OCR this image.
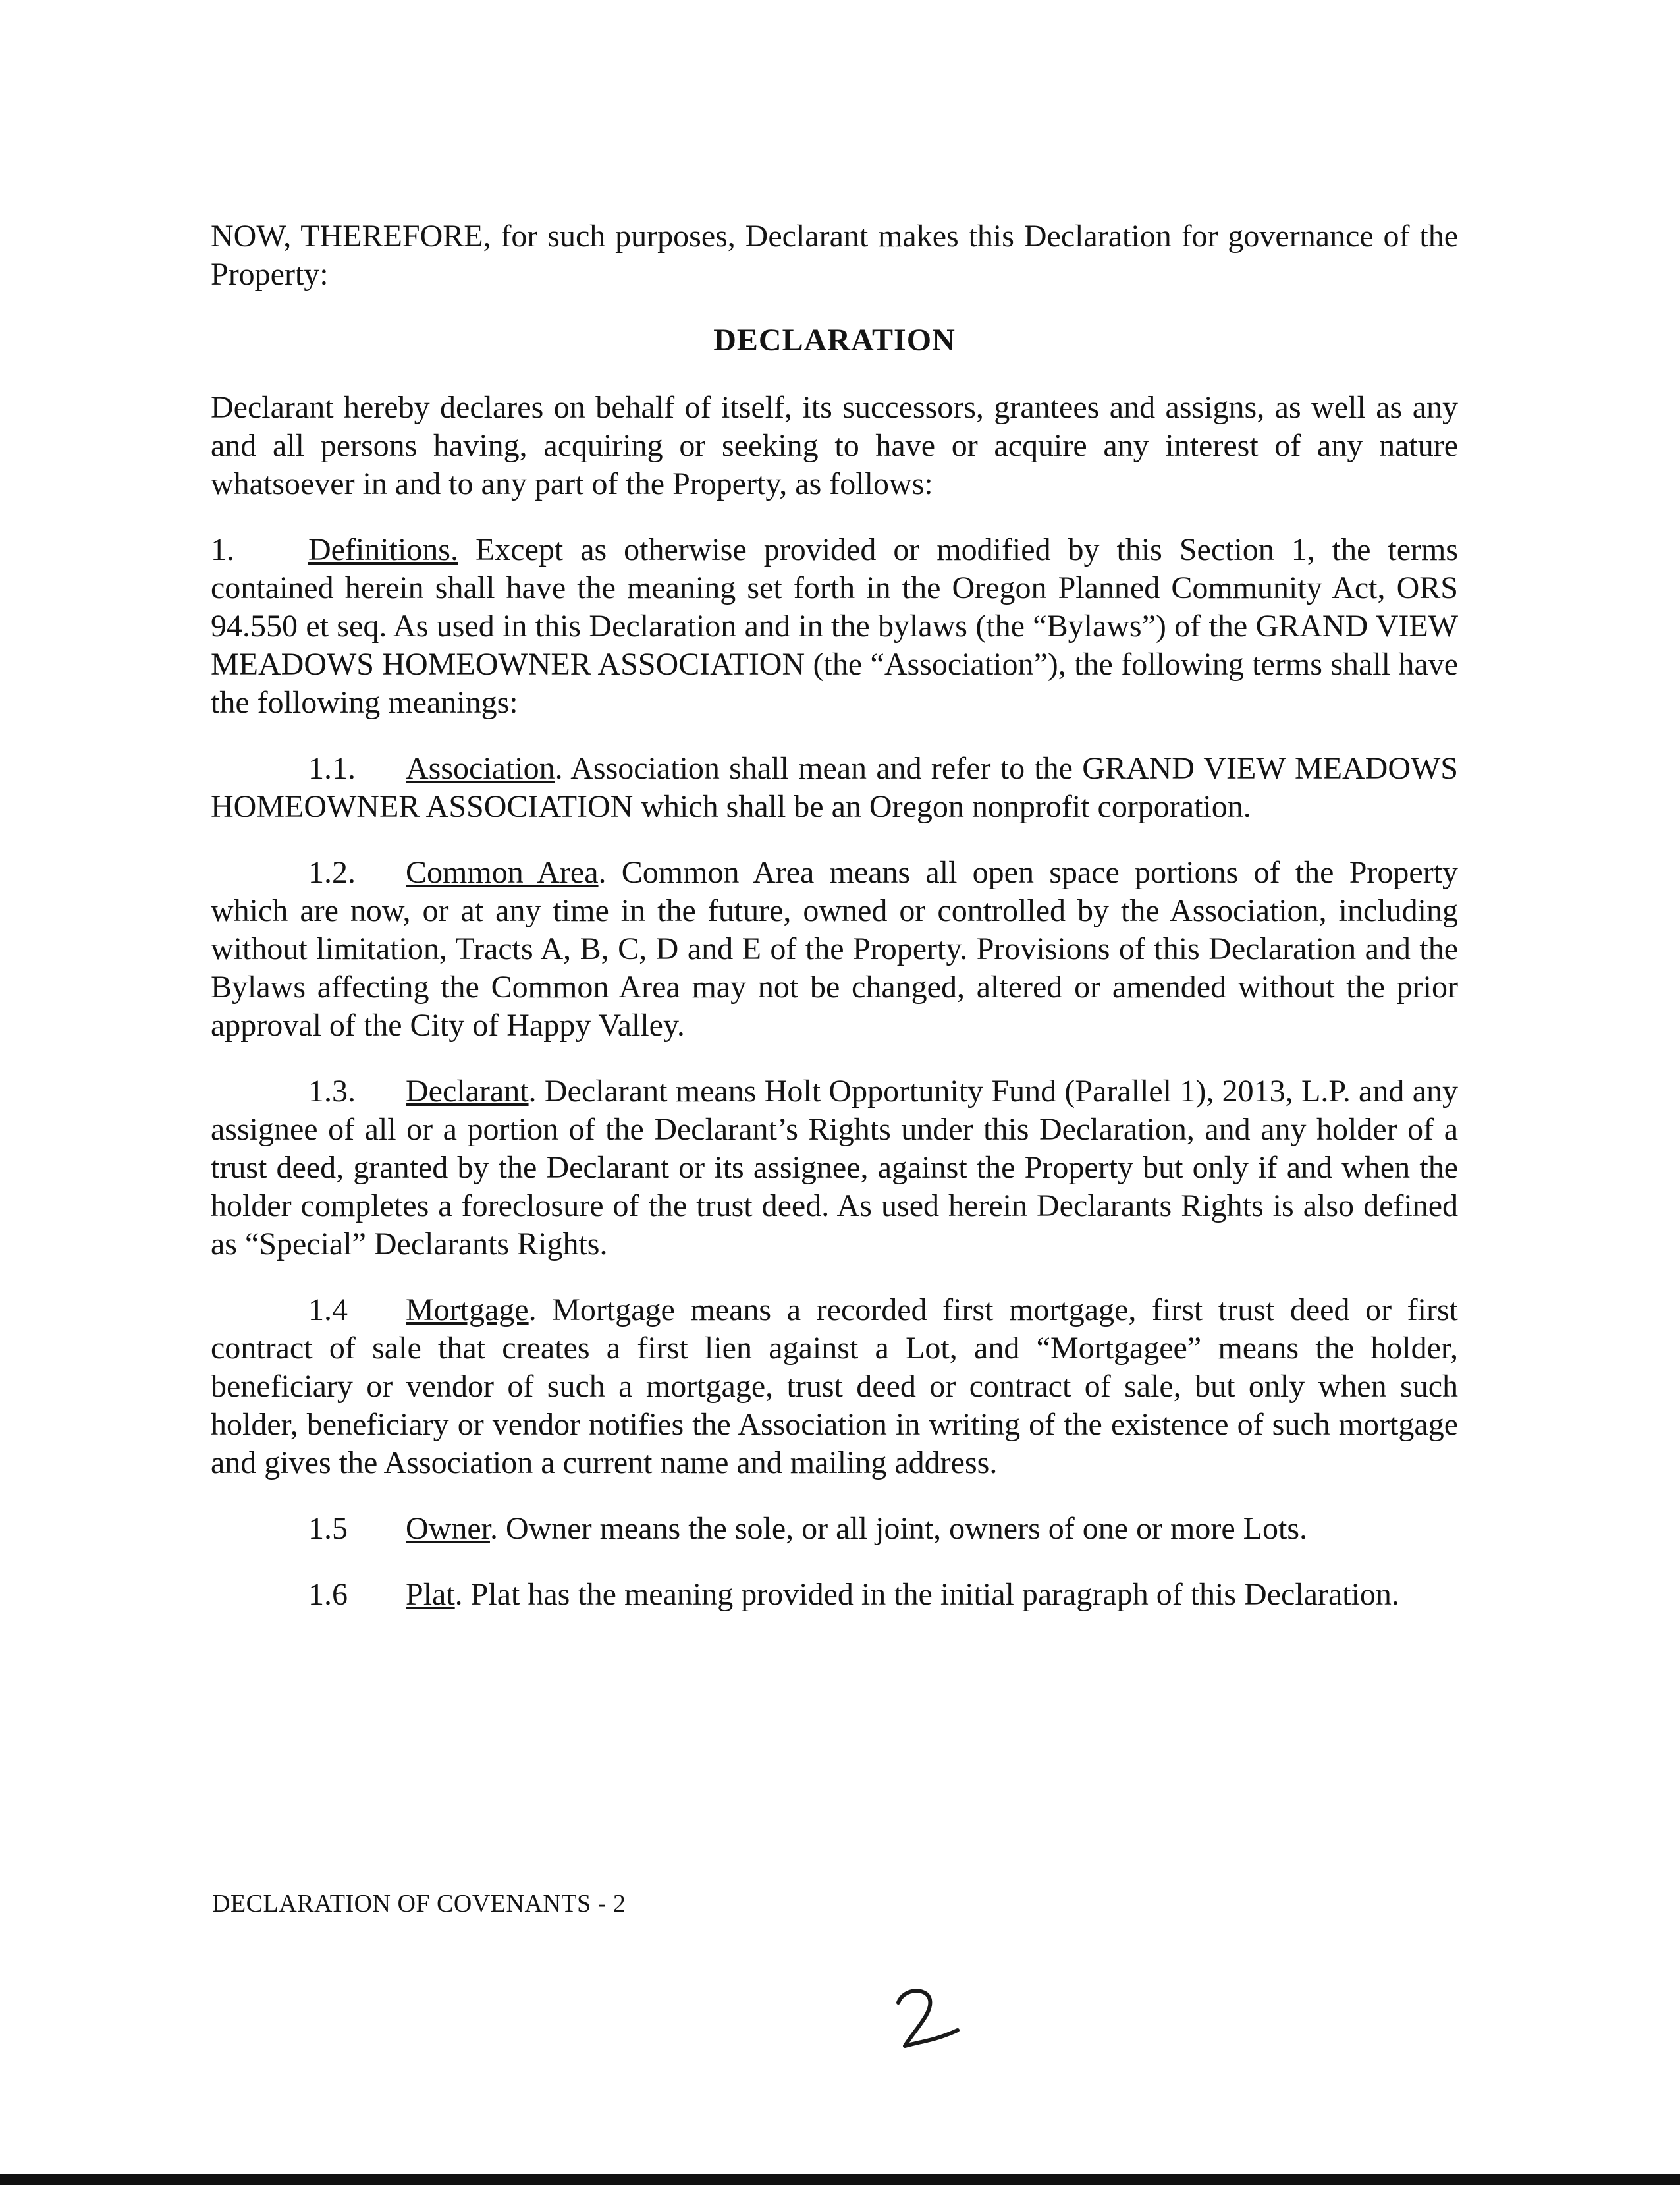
NOW, THEREFORE, for such purposes, Declarant makes this Declaration for governance of the Property:

DECLARATION

Declarant hereby declares on behalf of itself, its successors, grantees and assigns, as well as any and all persons having, acquiring or seeking to have or acquire any interest of any nature whatsoever in and to any part of the Property, as follows:

1. Definitions. Except as otherwise provided or modified by this Section 1, the terms contained herein shall have the meaning set forth in the Oregon Planned Community Act, ORS 94.550 et seq. As used in this Declaration and in the bylaws (the “Bylaws”) of the GRAND VIEW MEADOWS HOMEOWNER ASSOCIATION (the “Association”), the following terms shall have the following meanings:

1.1. Association. Association shall mean and refer to the GRAND VIEW MEADOWS HOMEOWNER ASSOCIATION which shall be an Oregon nonprofit corporation.

1.2. Common Area. Common Area means all open space portions of the Property which are now, or at any time in the future, owned or controlled by the Association, including without limitation, Tracts A, B, C, D and E of the Property. Provisions of this Declaration and the Bylaws affecting the Common Area may not be changed, altered or amended without the prior approval of the City of Happy Valley.

1.3. Declarant. Declarant means Holt Opportunity Fund (Parallel 1), 2013, L.P. and any assignee of all or a portion of the Declarant’s Rights under this Declaration, and any holder of a trust deed, granted by the Declarant or its assignee, against the Property but only if and when the holder completes a foreclosure of the trust deed. As used herein Declarants Rights is also defined as “Special” Declarants Rights.

1.4 Mortgage. Mortgage means a recorded first mortgage, first trust deed or first contract of sale that creates a first lien against a Lot, and “Mortgagee” means the holder, beneficiary or vendor of such a mortgage, trust deed or contract of sale, but only when such holder, beneficiary or vendor notifies the Association in writing of the existence of such mortgage and gives the Association a current name and mailing address.

1.5 Owner. Owner means the sole, or all joint, owners of one or more Lots.

1.6 Plat. Plat has the meaning provided in the initial paragraph of this Declaration.

DECLARATION OF COVENANTS - 2
